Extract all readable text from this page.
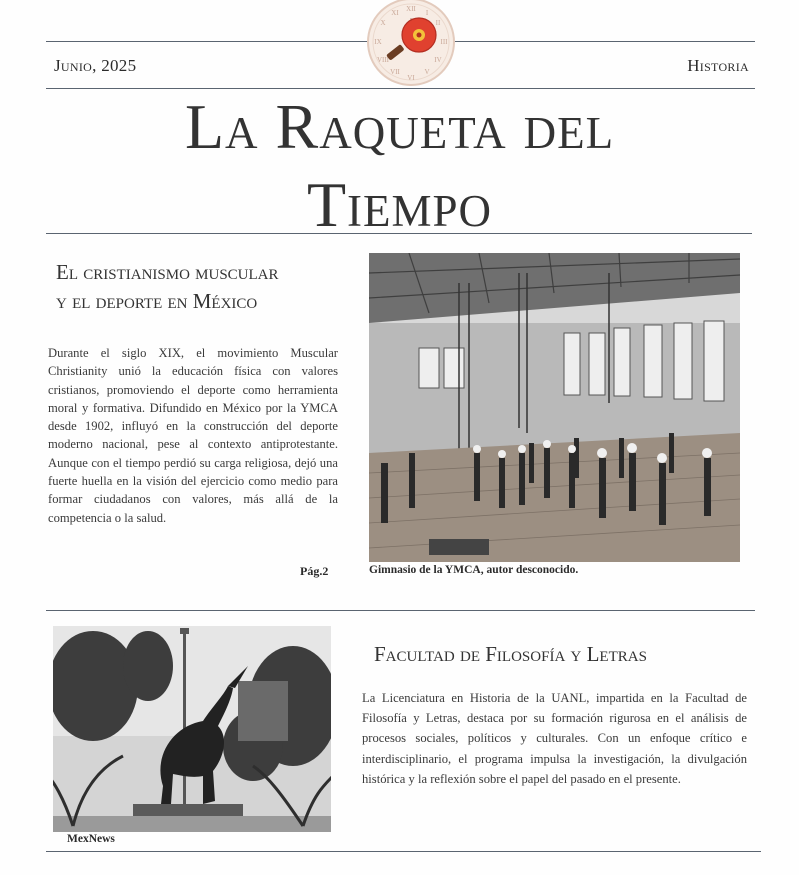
XII I
II
III
IV
V
VI
VII
VIII
IX
X
XI
Junio, 2025	Historia
La Raqueta del
Tiempo
El cristianismo muscular
y el deporte en México
Durante el siglo XIX, el movimiento Muscular Christianity unió la educación física con valores cristianos, promoviendo el deporte como herramienta moral y formativa. Difundido en México por la YMCA desde 1902, influyó en la construcción del deporte moderno nacional, pese al contexto antiprotestante. Aunque con el tiempo perdió su carga religiosa, dejó una fuerte huella en la visión del ejercicio como medio para formar ciudadanos con valores, más allá de la competencia o la salud.
Pág.2	Gimnasio de la YMCA, autor desconocido.
MexNews
Facultad de Filosofía y Letras
La Licenciatura en Historia de la UANL, impartida en la Facultad de Filosofía y Letras, destaca por su formación rigurosa en el análisis de procesos sociales, políticos y culturales. Con un enfoque crítico e interdisciplinario, el programa impulsa la investigación, la divulgación histórica y la reflexión sobre el papel del pasado en el presente.
